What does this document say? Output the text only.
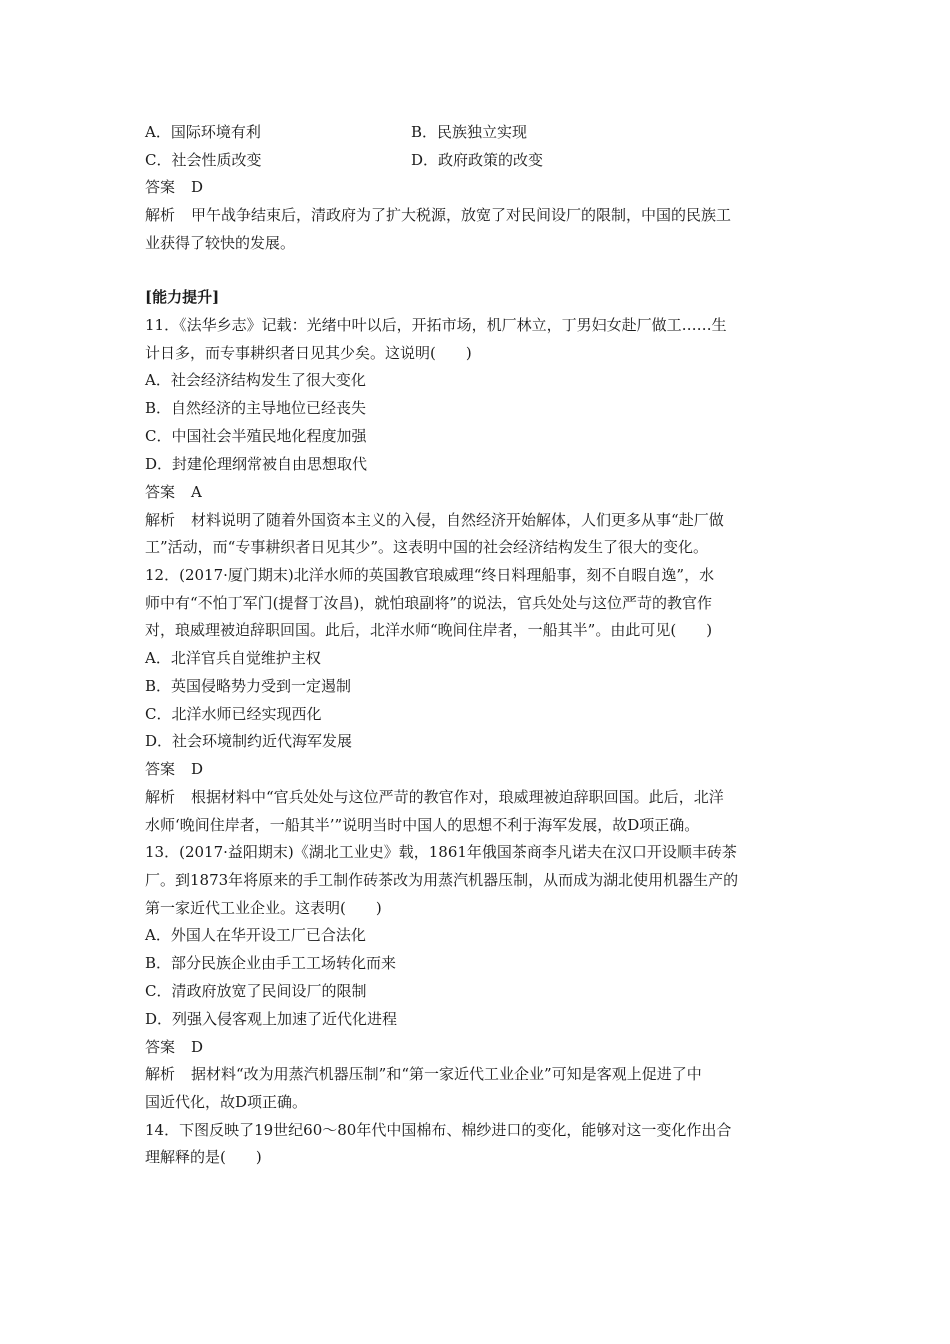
A．国际环境有利	B．民族独立实现
C．社会性质改变	D．政府政策的改变
答案 D
解析 甲午战争结束后，清政府为了扩大税源，放宽了对民间设厂的限制，中国的民族工
业获得了较快的发展。
[能力提升]
11．《法华乡志》记载：光绪中叶以后，开拓市场，机厂林立，丁男妇女赴厂做工……生
计日多，而专事耕织者日见其少矣。这说明(　　)
A．社会经济结构发生了很大变化
B．自然经济的主导地位已经丧失
C．中国社会半殖民地化程度加强
D．封建伦理纲常被自由思想取代
答案 A
解析 材料说明了随着外国资本主义的入侵，自然经济开始解体，人们更多从事“赴厂做
工”活动，而“专事耕织者日见其少”。这表明中国的社会经济结构发生了很大的变化。
12．(2017·厦门期末)北洋水师的英国教官琅威理“终日料理船事，刻不自暇自逸”，水
师中有“不怕丁军门(提督丁汝昌)，就怕琅副将”的说法，官兵处处与这位严苛的教官作
对，琅威理被迫辞职回国。此后，北洋水师“晚间住岸者，一船其半”。由此可见(　　)
A．北洋官兵自觉维护主权
B．英国侵略势力受到一定遏制
C．北洋水师已经实现西化
D．社会环境制约近代海军发展
答案 D
解析 根据材料中“官兵处处与这位严苛的教官作对，琅威理被迫辞职回国。此后，北洋
水师‘晚间住岸者，一船其半’”说明当时中国人的思想不利于海军发展，故D项正确。
13．(2017·益阳期末)《湖北工业史》载，1861年俄国茶商李凡诺夫在汉口开设顺丰砖茶
厂。到1873年将原来的手工制作砖茶改为用蒸汽机器压制，从而成为湖北使用机器生产的
第一家近代工业企业。这表明(　　)
A．外国人在华开设工厂已合法化
B．部分民族企业由手工工场转化而来
C．清政府放宽了民间设厂的限制
D．列强入侵客观上加速了近代化进程
答案 D
解析 据材料“改为用蒸汽机器压制”和“第一家近代工业企业”可知是客观上促进了中
国近代化，故D项正确。
14．下图反映了19世纪60～80年代中国棉布、棉纱进口的变化，能够对这一变化作出合
理解释的是(　　)
